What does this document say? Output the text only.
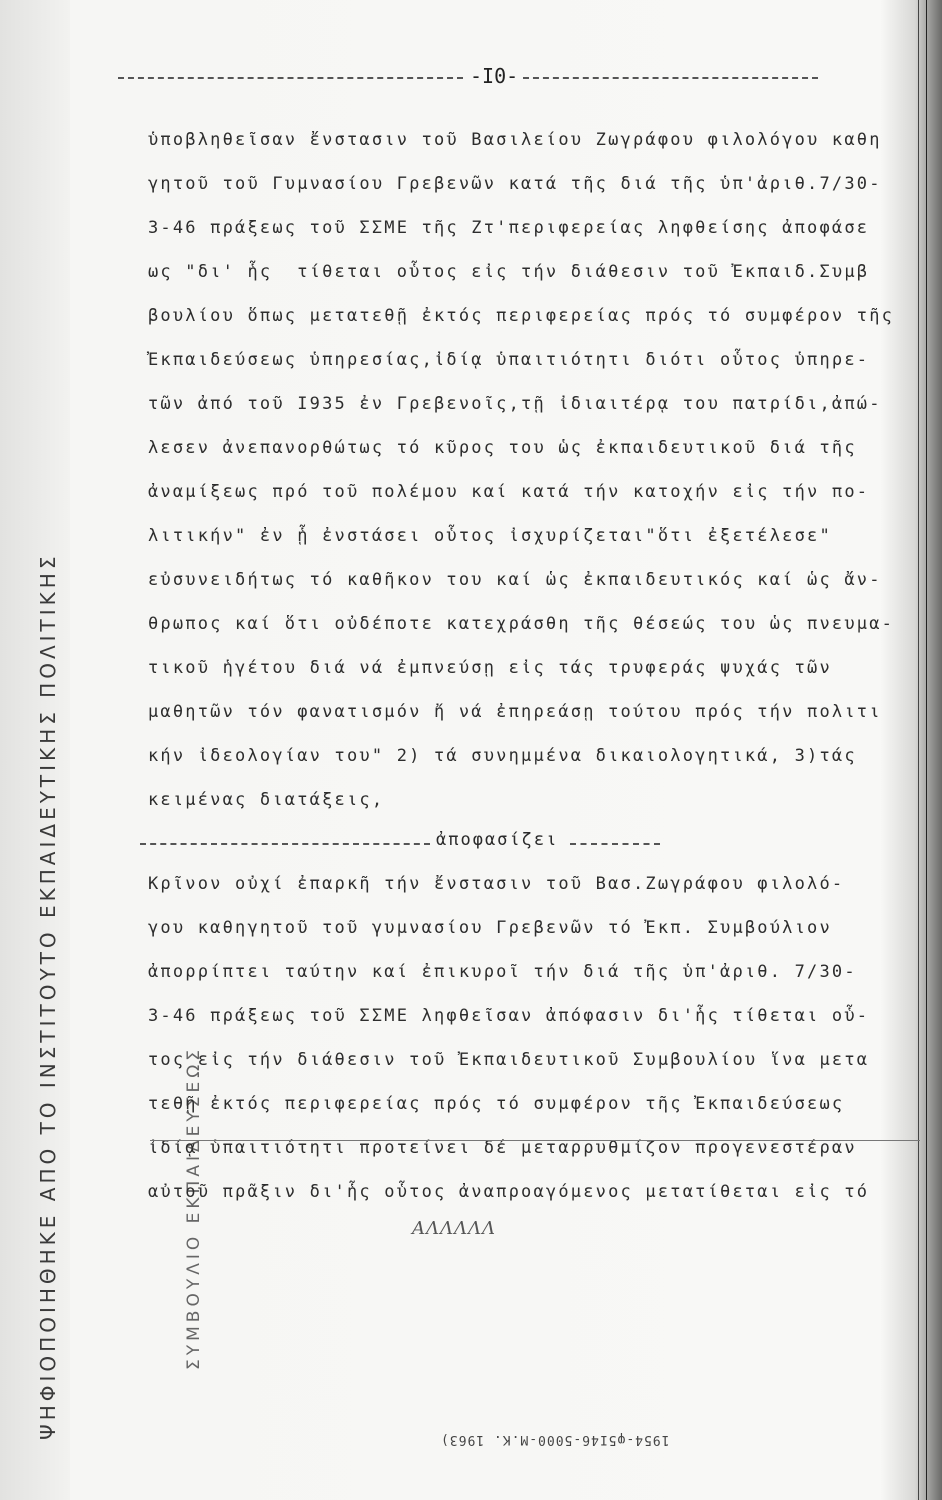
ΨΗΦΙΟΠΟΙΗΘΗΚΕ ΑΠΟ ΤΟ ΙΝΣΤΙΤΟΥΤΟ ΕΚΠΑΙΔΕΥΤΙΚΗΣ ΠΟΛΙΤΙΚΗΣ	ΣΥΜΒΟΥΛΙΟ ΕΚΠΑΙΔΕΥΣΕΩΣ
-Ι0-
ὑποβληθεῖσαν ἔνστασιν τοῦ Βασιλείου Ζωγράφου φιλολόγου καθη
γητοῦ τοῦ Γυμνασίου Γρεβενῶν κατά τῆς διά τῆς ὑπ'ἀριθ.7/30-
3-46 πράξεως τοῦ ΣΣΜΕ τῆς Ζτ'περιφερείας ληφθείσης ἀποφάσε
ως "δι' ἧς  τίθεται οὗτος εἰς τήν διάθεσιν τοῦ Ἐκπαιδ.Συμβ
βουλίου ὅπως μετατεθῇ ἐκτός περιφερείας πρός τό συμφέρον τῆς
Ἐκπαιδεύσεως ὑπηρεσίας,ἰδίᾳ ὑπαιτιότητι διότι οὗτος ὑπηρε-
τῶν ἀπό τοῦ Ι935 ἐν Γρεβενοῖς,τῇ ἰδιαιτέρᾳ του πατρίδι,ἀπώ-
λεσεν ἀνεπανορθώτως τό κῦρος του ὡς ἐκπαιδευτικοῦ διά τῆς
ἀναμίξεως πρό τοῦ πολέμου καί κατά τήν κατοχήν εἰς τήν πο-
λιτικήν" ἐν ᾗ ἐνστάσει οὗτος ἰσχυρίζεται"ὅτι ἐξετέλεσε"
εὐσυνειδήτως τό καθῆκον του καί ὡς ἐκπαιδευτικός καί ὡς ἄν-
θρωπος καί ὅτι οὐδέποτε κατεχράσθη τῆς θέσεώς του ὡς πνευμα-
τικοῦ ἡγέτου διά νά ἐμπνεύσῃ εἰς τάς τρυφεράς ψυχάς τῶν
μαθητῶν τόν φανατισμόν ἤ νά ἐπηρεάσῃ τούτου πρός τήν πολιτι
κήν ἰδεολογίαν του" 2) τά συνημμένα δικαιολογητικά, 3)τάς
κειμένας διατάξεις,
ἀποφασίζει
Κρῖνον οὐχί ἐπαρκῆ τήν ἔνστασιν τοῦ Βασ.Ζωγράφου φιλολό-
γου καθηγητοῦ τοῦ γυμνασίου Γρεβενῶν τό Ἐκπ. Συμβούλιον
ἀπορρίπτει ταύτην καί ἐπικυροῖ τήν διά τῆς ὑπ'ἀριθ. 7/30-
3-46 πράξεως τοῦ ΣΣΜΕ ληφθεῖσαν ἀπόφασιν δι'ἧς τίθεται οὗ-
τος εἰς τήν διάθεσιν τοῦ Ἐκπαιδευτικοῦ Συμβουλίου ἵνα μετα
τεθῇ ἐκτός περιφερείας πρός τό συμφέρον τῆς Ἐκπαιδεύσεως
ἰδίᾳ ὑπαιτιότητι προτείνει δέ μεταρρυθμίζον προγενεστέραν
αὐτοῦ πρᾶξιν δι'ἧς οὗτος ἀναπροαγόμενος μετατίθεται εἰς τό
ΑΛΛΛΛΛ
1954-φ5Ι46-5000-Μ.Κ. 1963)
